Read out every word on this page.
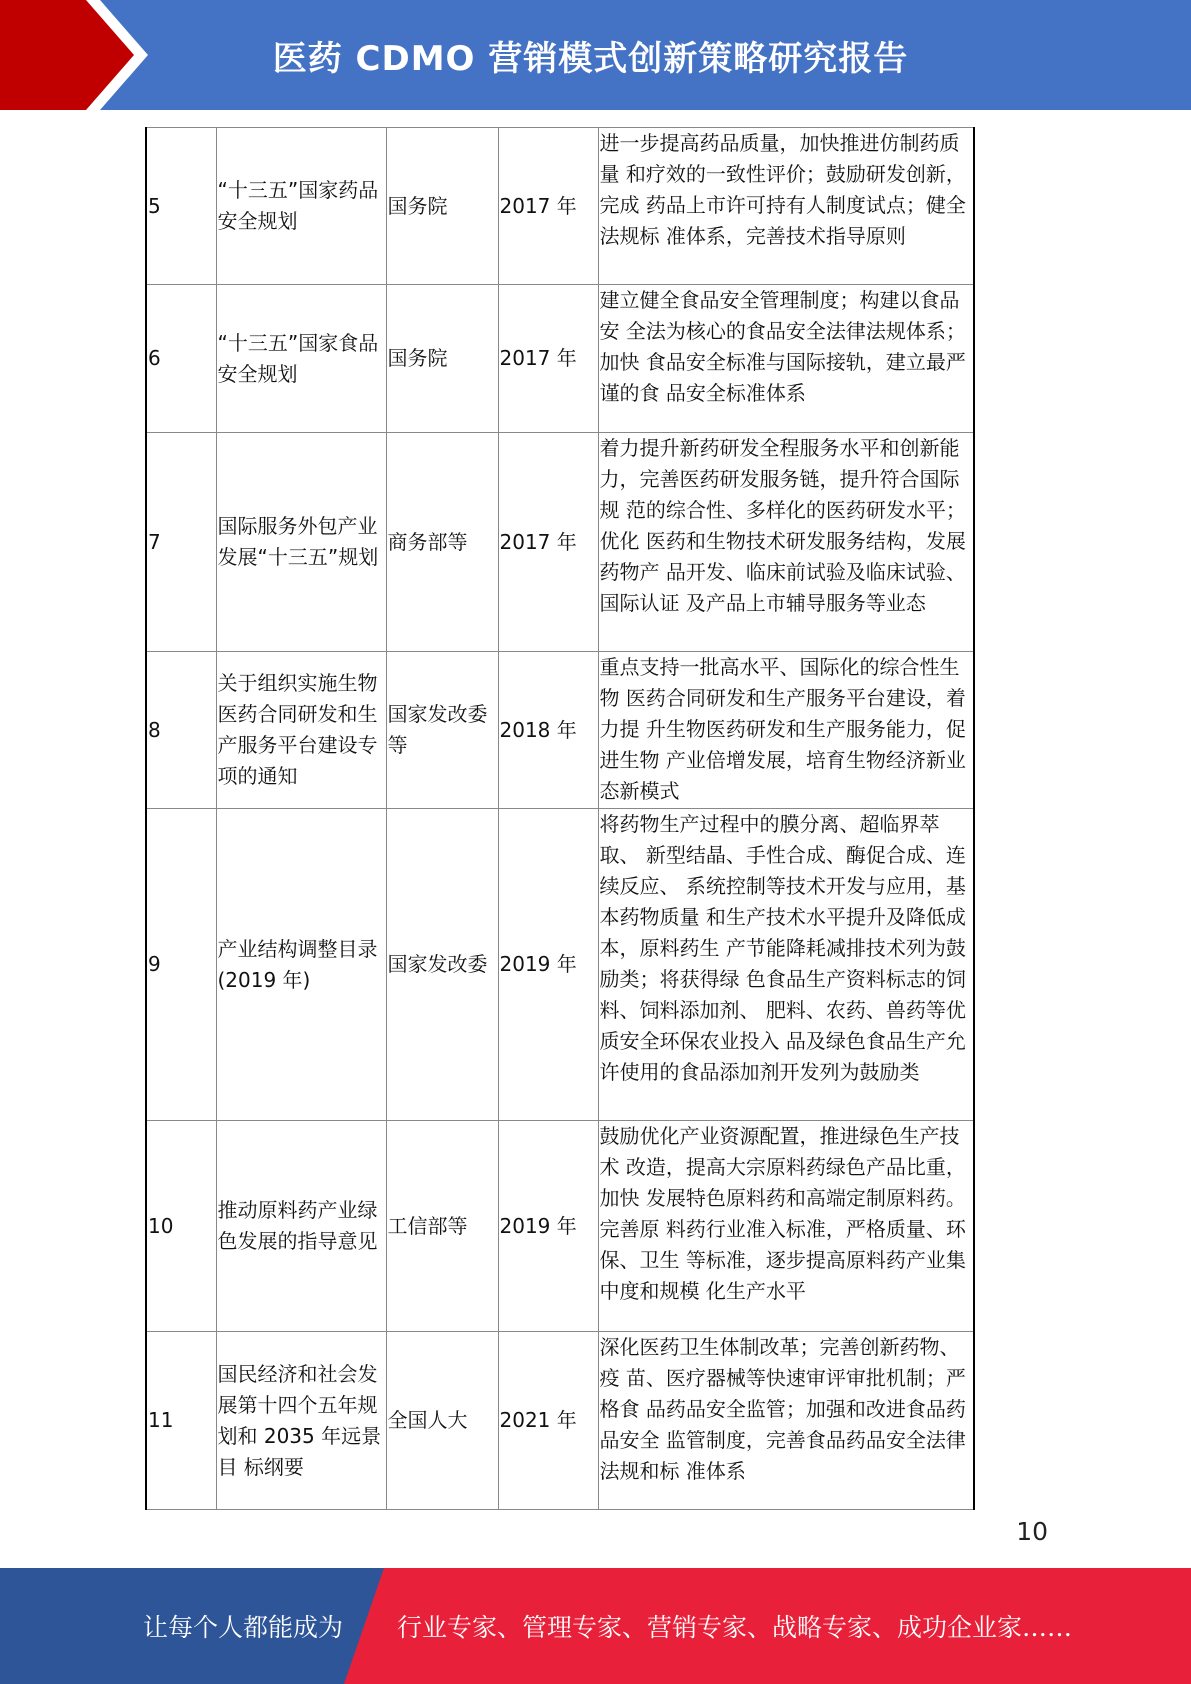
医药 CDMO 营销模式创新策略研究报告
5	“十三五”国家药品安全规划	国务院	2017 年	进一步提高药品质量，加快推进仿制药质量 和疗效的一致性评价；鼓励研发创新，完成 药品上市许可持有人制度试点；健全法规标 准体系，完善技术指导原则
6	“十三五”国家食品安全规划	国务院	2017 年	建立健全食品安全管理制度；构建以食品安 全法为核心的食品安全法律法规体系；加快 食品安全标准与国际接轨，建立最严谨的食 品安全标准体系
7	国际服务外包产业发展“十三五”规划	商务部等	2017 年	着力提升新药研发全程服务水平和创新能 力，完善医药研发服务链，提升符合国际规 范的综合性、多样化的医药研发水平；优化 医药和生物技术研发服务结构，发展药物产 品开发、临床前试验及临床试验、国际认证 及产品上市辅导服务等业态
8	关于组织实施生物医药合同研发和生产服务平台建设专项的通知	国家发改委等	2018 年	重点支持一批高水平、国际化的综合性生物 医药合同研发和生产服务平台建设，着力提 升生物医药研发和生产服务能力，促进生物 产业倍增发展，培育生物经济新业态新模式
9	产业结构调整目录(2019 年)	国家发改委	2019 年	将药物生产过程中的膜分离、超临界萃取、 新型结晶、手性合成、酶促合成、连续反应、 系统控制等技术开发与应用，基本药物质量 和生产技术水平提升及降低成本，原料药生 产节能降耗减排技术列为鼓励类；将获得绿 色食品生产资料标志的饲料、饲料添加剂、 肥料、农药、兽药等优质安全环保农业投入 品及绿色食品生产允许使用的食品添加剂开发列为鼓励类
10	推动原料药产业绿色发展的指导意见	工信部等	2019 年	鼓励优化产业资源配置，推进绿色生产技术 改造，提高大宗原料药绿色产品比重，加快 发展特色原料药和高端定制原料药。完善原 料药行业准入标准，严格质量、环保、卫生 等标准，逐步提高原料药产业集中度和规模 化生产水平
11	国民经济和社会发展第十四个五年规划和 2035 年远景目 标纲要	全国人大	2021 年	深化医药卫生体制改革；完善创新药物、疫 苗、医疗器械等快速审评审批机制；严格食 品药品安全监管；加强和改进食品药品安全 监管制度，完善食品药品安全法律法规和标 准体系
10
让每个人都能成为 行业专家、管理专家、营销专家、战略专家、成功企业家……
